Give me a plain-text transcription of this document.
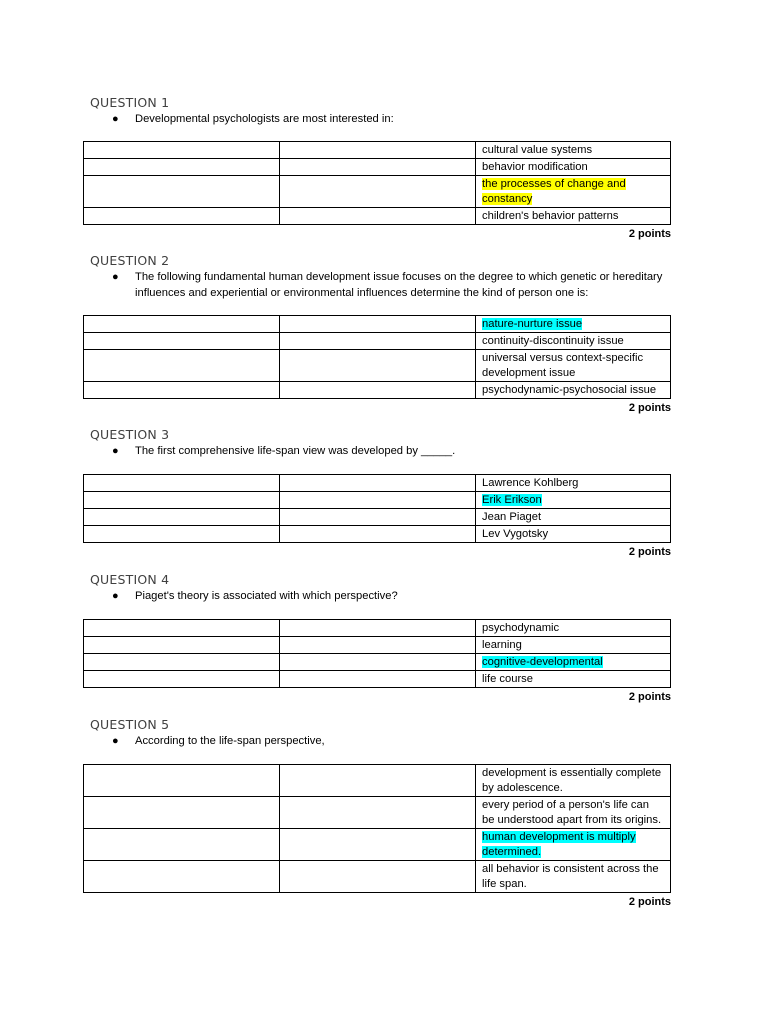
QUESTION 1
● Developmental psychologists are most interested in:
		cultural value systems
		behavior modification
		the processes of change and constancy
		children's behavior patterns
2 points
QUESTION 2
● The following fundamental human development issue focuses on the degree to which genetic or hereditary influences and experiential or environmental influences determine the kind of person one is:
		nature-nurture issue
		continuity-discontinuity issue
		universal versus context-specific development issue
		psychodynamic-psychosocial issue
2 points
QUESTION 3
● The first comprehensive life-span view was developed by _____.
		Lawrence Kohlberg
		Erik Erikson
		Jean Piaget
		Lev Vygotsky
2 points
QUESTION 4
● Piaget's theory is associated with which perspective?
		psychodynamic
		learning
		cognitive-developmental
		life course
2 points
QUESTION 5
● According to the life-span perspective,
		development is essentially complete by adolescence.
		every period of a person's life can be understood apart from its origins.
		human development is multiply determined.
		all behavior is consistent across the life span.
2 points
